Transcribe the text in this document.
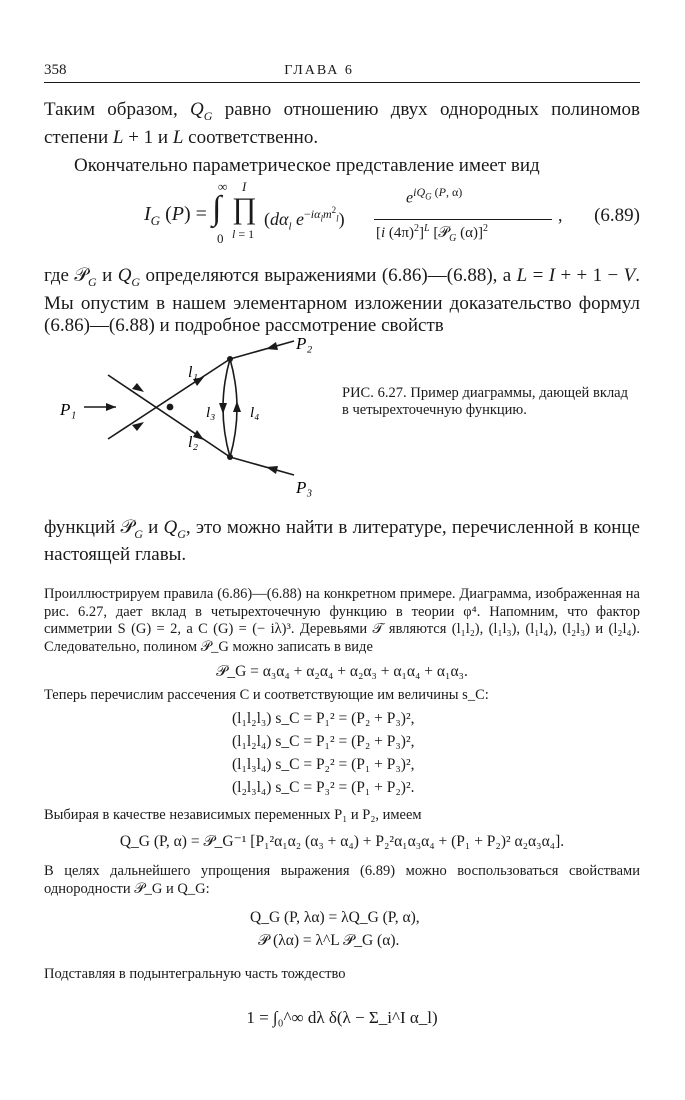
358	ГЛАВА 6

Таким образом, $Q_G$ равно отношению двух однородных полиномов степени L + 1 и L соответственно.

Окончательно параметрическое представление имеет вид

$I_G$ (P) =
∞
∫
0
I
∏
l = 1
($d\alpha_l$ $e^{-i\alpha_lm^2_l}$)
$e^{iQ_G (P, \alpha)}$
[i $(4\pi)^2]^L$ [𝒫$_G$ (α)]$^2$
, (6.89)

где 𝒫$_G$ и $Q_G$ определяются выражениями (6.86)—(6.88), а L = I + + 1 − V. Мы опустим в нашем элементарном изложении доказательство формул (6.86)—(6.88) и подробное рассмотрение свойств

P₁
P₂
P₃
l₁
l₂
l₃ l₄
РИС. 6.27. Пример диаграммы, дающей вклад в четырехточечную функцию.

функций 𝒫$_G$ и $Q_G$, это можно найти в литературе, перечисленной в конце настоящей главы.

Проиллюстрируем правила (6.86)—(6.88) на конкретном примере. Диаграмма, изображенная на рис. 6.27, дает вклад в четырехточечную функцию в теории φ⁴. Напомним, что фактор симметрии S (G) = 2, а C (G) = (− iλ)³. Деревьями 𝒯 являются (l₁l₂), (l₁l₃), (l₁l₄), (l₂l₃) и (l₂l₄). Следовательно, полином 𝒫_G можно записать в виде

𝒫_G = α₃α₄ + α₂α₄ + α₂α₃ + α₁α₄ + α₁α₃.

Теперь перечислим рассечения C и соответствующие им величины s_C:

(l₁l₂l₃) s_C = P₁² = (P₂ + P₃)²,
(l₁l₂l₄) s_C = P₁² = (P₂ + P₃)²,
(l₁l₃l₄) s_C = P₂² = (P₁ + P₃)²,
(l₂l₃l₄) s_C = P₃² = (P₁ + P₂)².

Выбирая в качестве независимых переменных P₁ и P₂, имеем

Q_G (P, α) = 𝒫_G⁻¹ [P₁²α₁α₂ (α₃ + α₄) + P₂²α₁α₃α₄ + (P₁ + P₂)² α₂α₃α₄].

В целях дальнейшего упрощения выражения (6.89) можно воспользоваться свойствами однородности 𝒫_G и Q_G:

Q_G (P, λα) = λQ_G (P, α),
𝒫 (λα) = λ^L 𝒫_G (α).

Подставляя в подынтегральную часть тождество

1 = ∫₀^∞ dλ δ(λ − Σ_i^I α_l)
